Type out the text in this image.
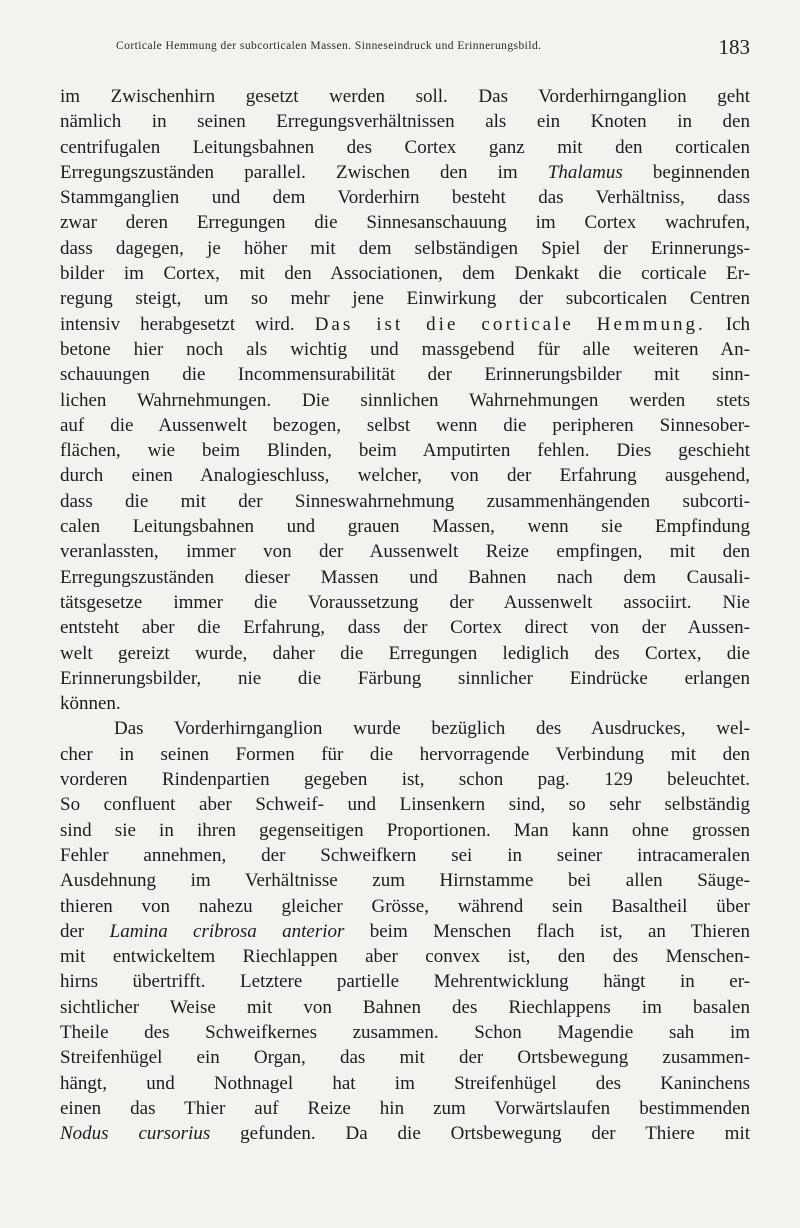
Corticale Hemmung der subcorticalen Massen. Sinneseindruck und Erinnerungsbild.	183
im Zwischenhirn gesetzt werden soll. Das Vorderhirnganglion geht
nämlich in seinen Erregungsverhältnissen als ein Knoten in den
centrifugalen Leitungsbahnen des Cortex ganz mit den corticalen
Erregungszuständen parallel. Zwischen den im Thalamus beginnenden
Stammganglien und dem Vorderhirn besteht das Verhältniss, dass
zwar deren Erregungen die Sinnesanschauung im Cortex wachrufen,
dass dagegen, je höher mit dem selbständigen Spiel der Erinnerungs-
bilder im Cortex, mit den Associationen, dem Denkakt die corticale Er-
regung steigt, um so mehr jene Einwirkung der subcorticalen Centren
intensiv herabgesetzt wird. Das ist die corticale Hemmung. Ich
betone hier noch als wichtig und massgebend für alle weiteren An-
schauungen die Incommensurabilität der Erinnerungsbilder mit sinn-
lichen Wahrnehmungen. Die sinnlichen Wahrnehmungen werden stets
auf die Aussenwelt bezogen, selbst wenn die peripheren Sinnesober-
flächen, wie beim Blinden, beim Amputirten fehlen. Dies geschieht
durch einen Analogieschluss, welcher, von der Erfahrung ausgehend,
dass die mit der Sinneswahrnehmung zusammenhängenden subcorti-
calen Leitungsbahnen und grauen Massen, wenn sie Empfindung
veranlassten, immer von der Aussenwelt Reize empfingen, mit den
Erregungszuständen dieser Massen und Bahnen nach dem Causali-
tätsgesetze immer die Voraussetzung der Aussenwelt associirt. Nie
entsteht aber die Erfahrung, dass der Cortex direct von der Aussen-
welt gereizt wurde, daher die Erregungen lediglich des Cortex, die
Erinnerungsbilder, nie die Färbung sinnlicher Eindrücke erlangen
können.
Das Vorderhirnganglion wurde bezüglich des Ausdruckes, wel-
cher in seinen Formen für die hervorragende Verbindung mit den
vorderen Rindenpartien gegeben ist, schon pag. 129 beleuchtet.
So confluent aber Schweif- und Linsenkern sind, so sehr selbständig
sind sie in ihren gegenseitigen Proportionen. Man kann ohne grossen
Fehler annehmen, der Schweifkern sei in seiner intracameralen
Ausdehnung im Verhältnisse zum Hirnstamme bei allen Säuge-
thieren von nahezu gleicher Grösse, während sein Basaltheil über
der Lamina cribrosa anterior beim Menschen flach ist, an Thieren
mit entwickeltem Riechlappen aber convex ist, den des Menschen-
hirns übertrifft. Letztere partielle Mehrentwicklung hängt in er-
sichtlicher Weise mit von Bahnen des Riechlappens im basalen
Theile des Schweifkernes zusammen. Schon Magendie sah im
Streifenhügel ein Organ, das mit der Ortsbewegung zusammen-
hängt, und Nothnagel hat im Streifenhügel des Kaninchens
einen das Thier auf Reize hin zum Vorwärtslaufen bestimmenden
Nodus cursorius gefunden. Da die Ortsbewegung der Thiere mit
